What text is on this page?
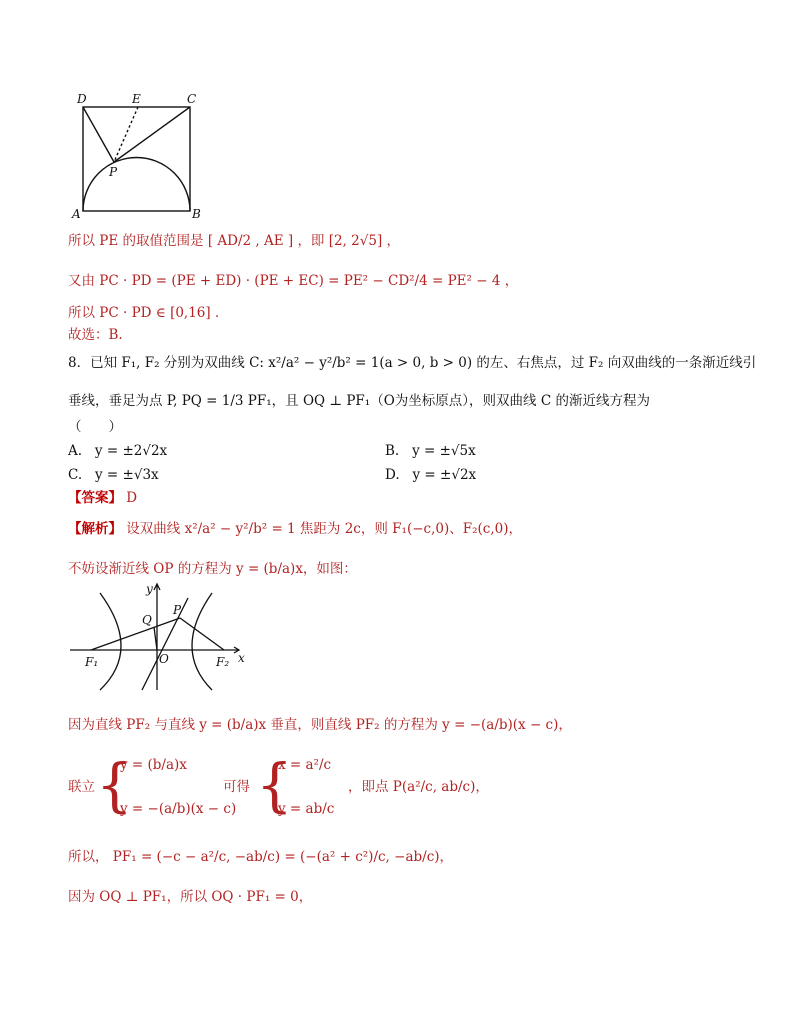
D	E	C
P
A	B
所以 PE 的取值范围是 [ AD/2 , AE ] ，即 [2, 2√5] ，
又由 PC · PD = (PE + ED) · (PE + EC) = PE² − CD²/4 = PE² − 4 ，
所以 PC · PD ∈ [0,16] ．
故选：B.
8．已知 F₁, F₂ 分别为双曲线 C: x²/a² − y²/b² = 1(a > 0, b > 0) 的左、右焦点，过 F₂ 向双曲线的一条渐近线引
垂线，垂足为点 P, PQ = 1/3 PF₁，且 OQ ⊥ PF₁（O为坐标原点），则双曲线 C 的渐近线方程为
（　　）
A. y = ±2√2x	B. y = ±√5x
C. y = ±√3x	D. y = ±√2x
【答案】 D
【解析】 设双曲线 x²/a² − y²/b² = 1 焦距为 2c，则 F₁(−c,0)、F₂(c,0)，
不妨设渐近线 OP 的方程为 y = (b/a)x，如图：
y
x
P
Q
O
F₁	F₂
因为直线 PF₂ 与直线 y = (b/a)x 垂直，则直线 PF₂ 的方程为 y = −(a/b)(x − c)，
联立 {
y = (b/a)x
y = −(a/b)(x − c)
可得 {
x = a²/c
y = ab/c
，即点 P(a²/c, ab/c)，
所以， PF₁ = (−c − a²/c, −ab/c) = (−(a² + c²)/c, −ab/c)，
因为 OQ ⊥ PF₁，所以 OQ · PF₁ = 0，
